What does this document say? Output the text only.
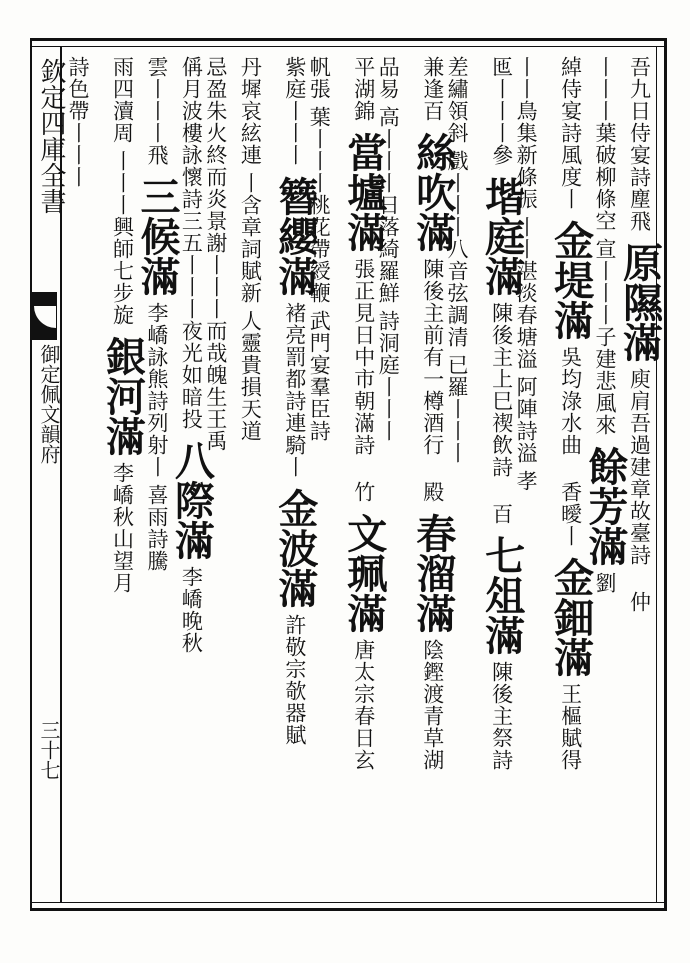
欽定四庫全書
御定佩文韻府
三十七
吾九日侍宴詩塵飛
原隰滿
庾肩吾過建章故臺詩 仲
丨丨丨葉破柳條空
宣丨丨丨子建悲風來
餘芳滿
劉
綽侍宴詩風度丨
金堤滿
吳均淥水曲 香曖丨
金鈿滿
王樞賦得
丨丨鳥集新條振
丨丨湛淡春塘溢
阿陣詩溢
孝
匜丨丨丨參
堦庭滿
陳後主上巳禊飲詩 百
七俎滿
陳後主祭詩
差繡領斜
戲丨丨丨八音弦調清
已羅丨丨丨
兼逢百
絲吹滿
陳後主前有一樽酒行 殿
春溜滿
陰鏗渡青草湖
品易
高丨丨丨日落綺羅鮮
詩洞庭丨丨丨
平湖錦
當壚滿
張正見日中市朝滿詩 竹
文珮滿
唐太宗春日玄
帆張
葉丨丨丨桃花帶綬鞭
武門宴羣臣詩
紫庭丨丨丨
簪纓滿
褚亮罰都詩連騎丨
金波滿
許敬宗欹器賦
丹墀哀絃連
丨含章詞賦新
人靈貴損天道
忌盈朱火終而炎景謝丨丨丨而哉魄生王禹
偁月波樓詠懷詩三五丨丨丨夜光如暗投
八際滿
李嶠晚秋
雲丨丨丨飛
三候滿
李嶠詠熊詩列射丨
喜雨詩騰
雨四瀆周
丨丨丨興師七步旋
銀河滿
李嶠秋山望月
詩色帶丨丨丨
